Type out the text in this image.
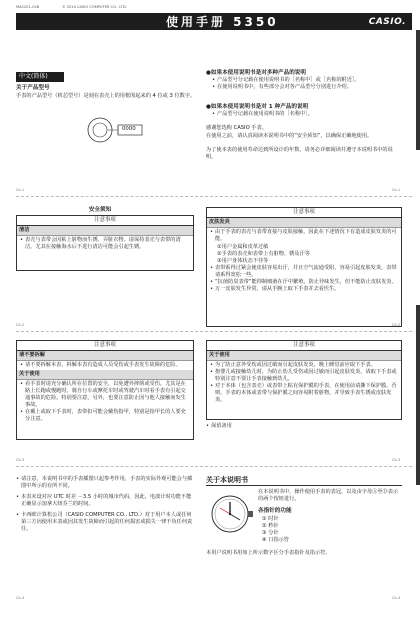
MA2201-CkB	© 2014 CASIO COMPUTER CO., LTD.
使用手册 5350	CASIO.
中文(简体)
关于产品型号
手表的产品型号（机芯型号）是刻在表壳上的用框围起来的 4 位或 3 位数字。
0000
●如果本使用说明书是对多种产品的说明
• 产品型号分记载在使用说明书的［名称中］或［名称的附近］。
• 在使用说明书中，有些部分会对各产品型号分别进行介绍。
●如果本使用说明书是对 1 种产品的说明
• 产品型号记载在使用说明书的［名称中］。
感谢您选购 CASIO 手表。
在使用之前，请认真阅读本说明书中的“安全须知”，以确保正确地使用。
为了使本表的使用寿命达到所设计的年数，请务必详细阅读并遵守本说明书中的说明。
Ck-1	Ck-1
安全须知
注意事项
清洁
• 表壳与表带会因粘上脏物而生锈、弄脏衣物。请保持表壳与表带的清洁。尤其在接触海水后不进行清洁可能会引起生锈。
注意事项
皮肤发炎
• 由于手表的表壳与表带直接与皮肤接触，因此在下述情况下有造成皮肤发炎的可能。
①用户金属和皮革过敏
②手表的表壳和表带上有脏物、锈及汗等
③用户身体状态不佳等
• 表带系得过紧会使皮肤容易出汗，并且空气流通受阻，容易引起皮肤发炎。表带请系得宽松一些。
• “抗菌防臭表带”能抑制细菌在汗中繁殖，防止异味发生，但不能防止皮肤发炎。
• 万一皮肤发生异常，请从手腕上取下手表并去看医生。
Ck-2	Ck-2
注意事项
请不要拆解
• 请不要拆解本表。拆解本表有造成人员受伤或手表发生故障的危险。
关于使用
• 看手表时请充分确认所在位置的安全，以免遭外摔倒或受伤。尤其是在路上长跑或慢跑时、骑自行车或摩托车时或驾驶汽车时看手表有引起交通事故的危险。特别要注意，另外，也要注意防止因与他人接触而发生事故。
• 在戴上或取下手表时，表带扣可能会戴伤指甲，特别是指甲长的人要充分注意。
注意事项
关于使用
• 为了防止意外受伤或因过敏而引起皮肤发炎，晚上睡觉前应取下手表。
• 抱婴儿或接触幼儿时，为防止幼儿受伤或因过敏而引起皮肤发炎，请取下手表或特别注意不要让手表接触到幼儿。
• 对于本体（包含表壳）或表带上粘有保护膜的手表，在使用前请撕下保护膜。否则，手表的本体或表带与保护膜之间容易附着脏物，并导致手表生锈或皮肤发炎。
• 保留备用
Ck-3	Ck-3
• 请注意，本说明书中的手表插图只起参考作用，手表的实际外观可能会与插图中所示的有所不同。
• 本表未设对应 UTC 时差 －3.5 小时的城市代码，因此，电波计时功能不能正确显示加拿大纽芬兰的时间。
• 卡西欧计算机公司（CASIO COMPUTER CO., LTD.）对于用户本人或任何第三方因使用本表或因其发生故障而引起的任何损害或损失一律不负任何责任。
关于本说明书
在本说明书中，操作使用手表的表冠，以及由字母Ⓐ至Ⓓ表示的两个按钮进行。
各指针的功能
① 时针
② 秒针
③ 分针
④ 日指示符
本用户说明书用如上所示数字区分手表指针及指示符。
Ck-4	Ck-4
